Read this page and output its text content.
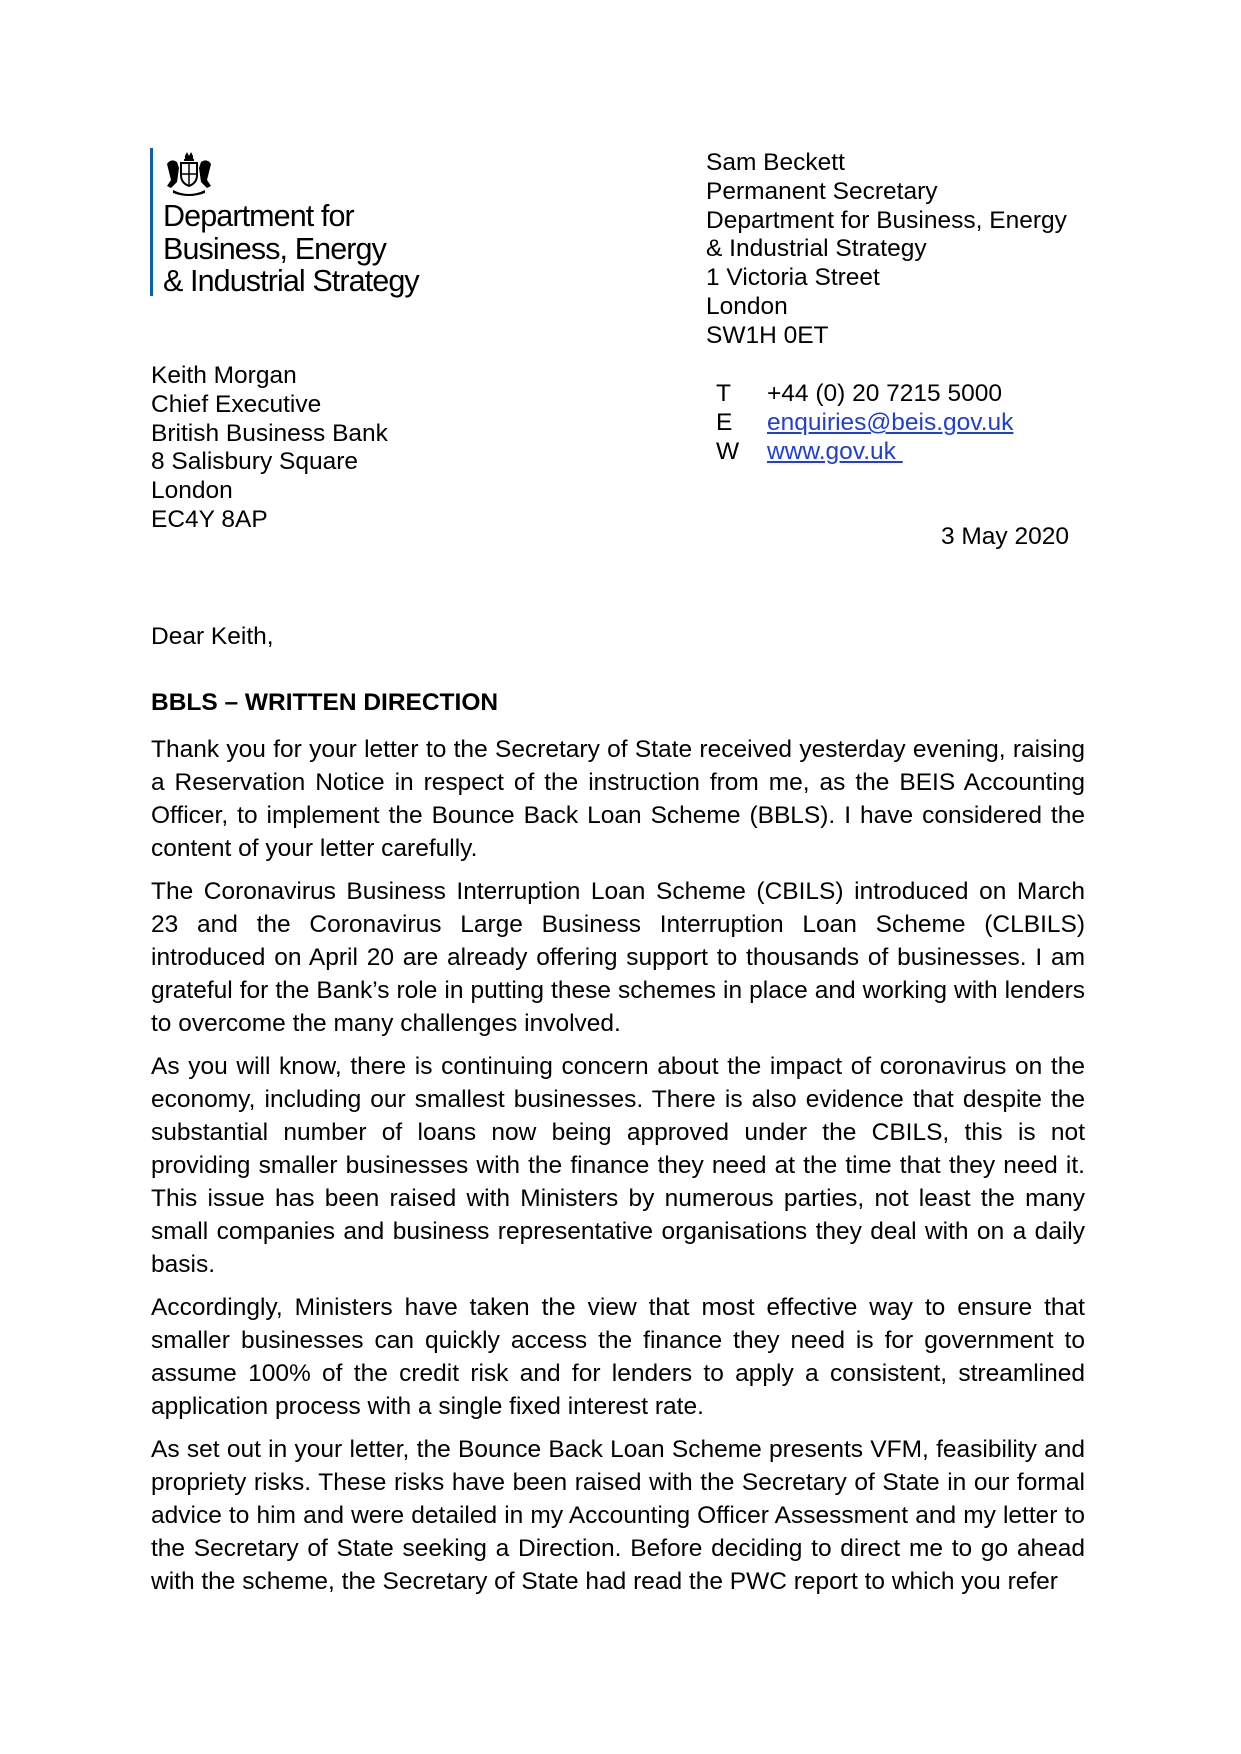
Department for
Business, Energy
& Industrial Strategy
Sam Beckett
Permanent Secretary
Department for Business, Energy
& Industrial Strategy
1 Victoria Street
London
SW1H 0ET
T	+44 (0) 20 7215 5000
E	enquiries@beis.gov.uk
W	www.gov.uk
Keith Morgan
Chief Executive
British Business Bank
8 Salisbury Square
London
EC4Y 8AP
3 May 2020
Dear Keith,
BBLS – WRITTEN DIRECTION

Thank you for your letter to the Secretary of State received yesterday evening, raising a Reservation Notice in respect of the instruction from me, as the BEIS Accounting Officer, to implement the Bounce Back Loan Scheme (BBLS). I have considered the content of your letter carefully.

The Coronavirus Business Interruption Loan Scheme (CBILS) introduced on March 23 and the Coronavirus Large Business Interruption Loan Scheme (CLBILS) introduced on April 20 are already offering support to thousands of businesses. I am grateful for the Bank’s role in putting these schemes in place and working with lenders to overcome the many challenges involved.

As you will know, there is continuing concern about the impact of coronavirus on the economy, including our smallest businesses. There is also evidence that despite the substantial number of loans now being approved under the CBILS, this is not providing smaller businesses with the finance they need at the time that they need it. This issue has been raised with Ministers by numerous parties, not least the many small companies and business representative organisations they deal with on a daily basis.

Accordingly, Ministers have taken the view that most effective way to ensure that smaller businesses can quickly access the finance they need is for government to assume 100% of the credit risk and for lenders to apply a consistent, streamlined application process with a single fixed interest rate.

As set out in your letter, the Bounce Back Loan Scheme presents VFM, feasibility and propriety risks. These risks have been raised with the Secretary of State in our formal advice to him and were detailed in my Accounting Officer Assessment and my letter to the Secretary of State seeking a Direction. Before deciding to direct me to go ahead with the scheme, the Secretary of State had read the PWC report to which you refer
